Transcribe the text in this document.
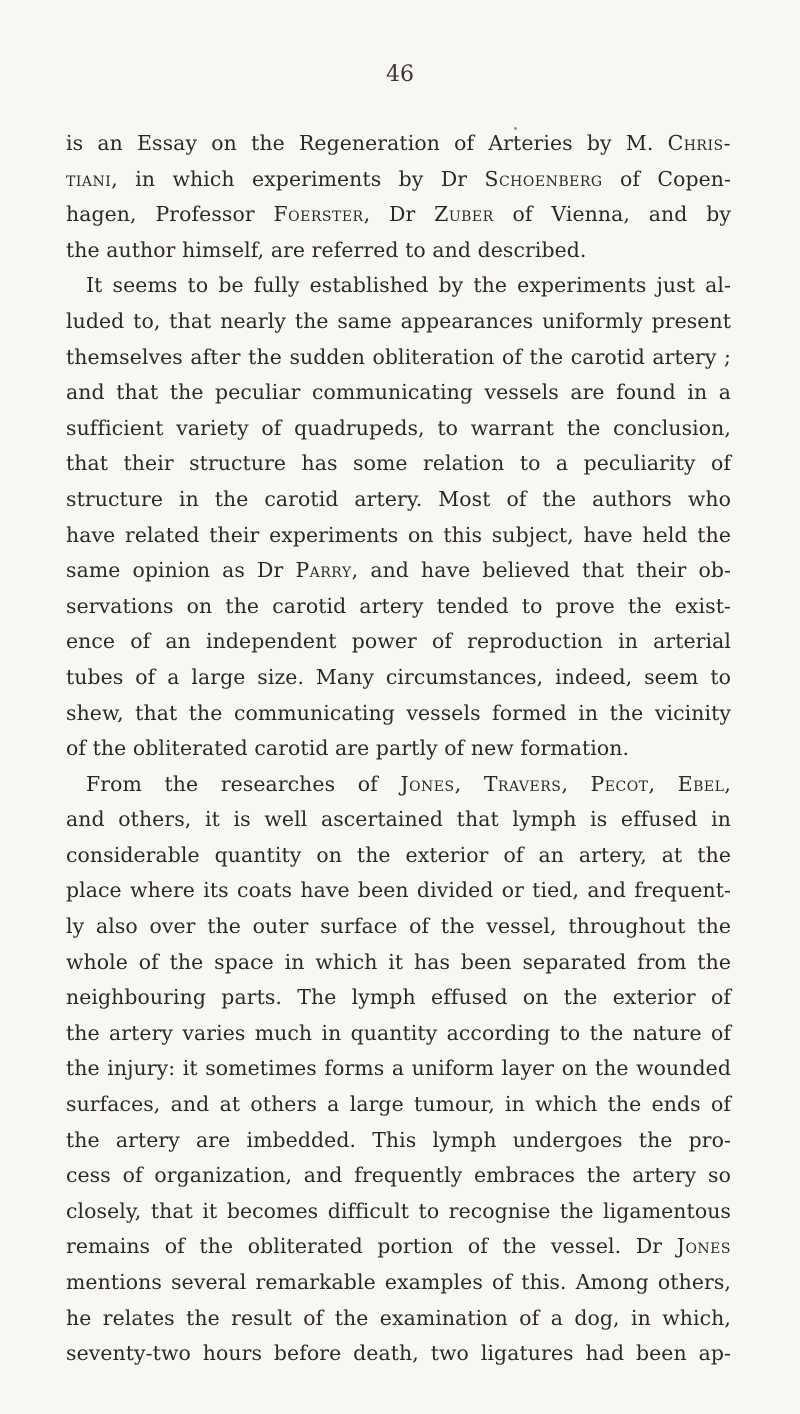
46
is an Essay on the Regeneration of Arteries by M. Chris-
tiani, in which experiments by Dr Schoenberg of Copen-
hagen, Professor Foerster, Dr Zuber of Vienna, and by
the author himself, are referred to and described.
It seems to be fully established by the experiments just al-
luded to, that nearly the same appearances uniformly present
themselves after the sudden obliteration of the carotid artery ;
and that the peculiar communicating vessels are found in a
sufficient variety of quadrupeds, to warrant the conclusion,
that their structure has some relation to a peculiarity of
structure in the carotid artery. Most of the authors who
have related their experiments on this subject, have held the
same opinion as Dr Parry, and have believed that their ob-
servations on the carotid artery tended to prove the exist-
ence of an independent power of reproduction in arterial
tubes of a large size. Many circumstances, indeed, seem to
shew, that the communicating vessels formed in the vicinity
of the obliterated carotid are partly of new formation.
From the researches of Jones, Travers, Pecot, Ebel,
and others, it is well ascertained that lymph is effused in
considerable quantity on the exterior of an artery, at the
place where its coats have been divided or tied, and frequent-
ly also over the outer surface of the vessel, throughout the
whole of the space in which it has been separated from the
neighbouring parts. The lymph effused on the exterior of
the artery varies much in quantity according to the nature of
the injury: it sometimes forms a uniform layer on the wounded
surfaces, and at others a large tumour, in which the ends of
the artery are imbedded. This lymph undergoes the pro-
cess of organization, and frequently embraces the artery so
closely, that it becomes difficult to recognise the ligamentous
remains of the obliterated portion of the vessel. Dr Jones
mentions several remarkable examples of this. Among others,
he relates the result of the examination of a dog, in which,
seventy-two hours before death, two ligatures had been ap-
